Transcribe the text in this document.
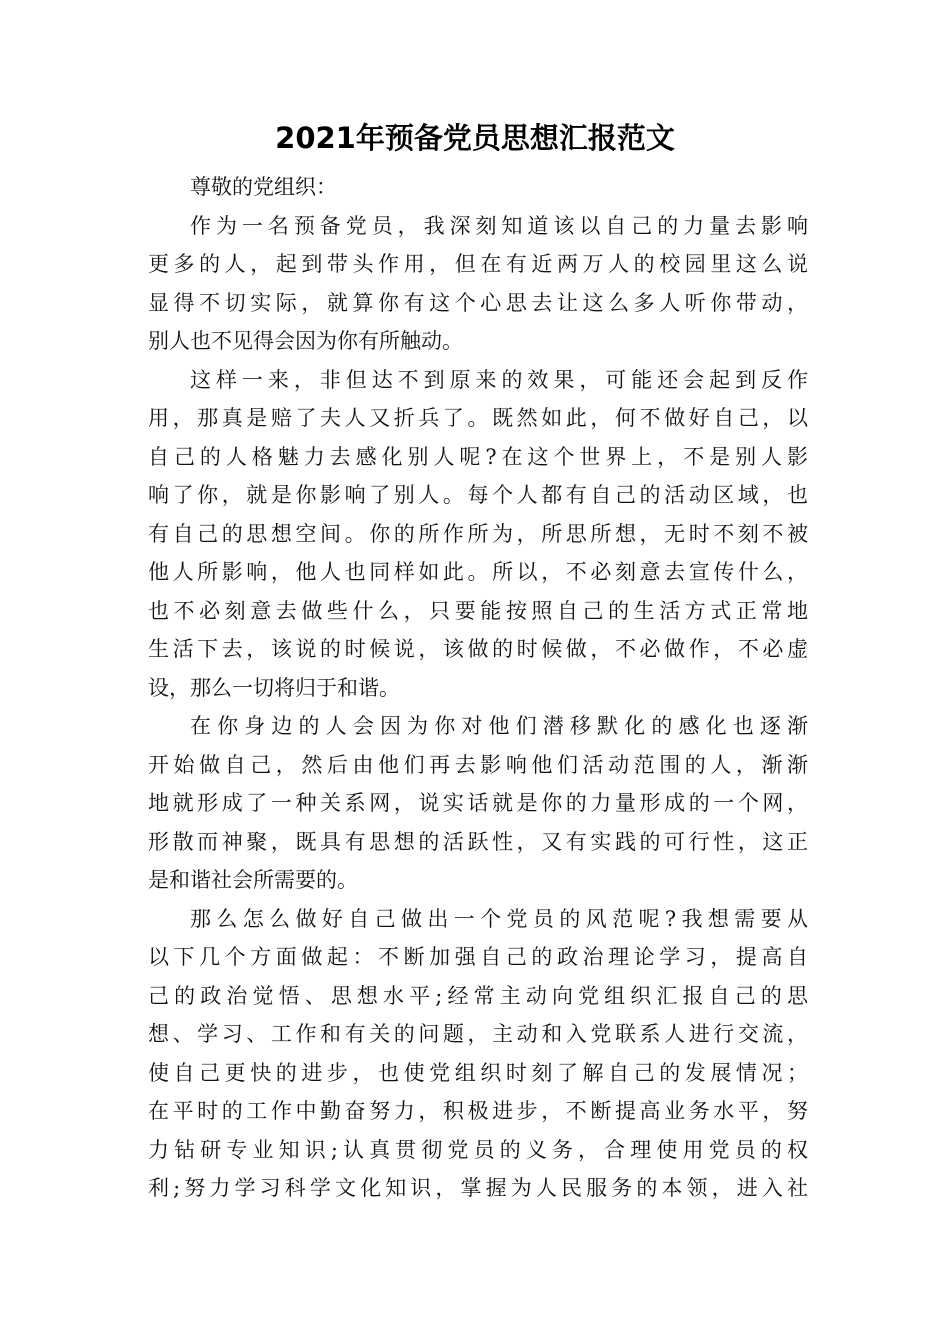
2021年预备党员思想汇报范文

尊敬的党组织：

作为一名预备党员，我深刻知道该以自己的力量去影响
更多的人，起到带头作用，但在有近两万人的校园里这么说
显得不切实际，就算你有这个心思去让这么多人听你带动，
别人也不见得会因为你有所触动。

这样一来，非但达不到原来的效果，可能还会起到反作
用，那真是赔了夫人又折兵了。既然如此，何不做好自己，以
自己的人格魅力去感化别人呢?在这个世界上，不是别人影
响了你，就是你影响了别人。每个人都有自己的活动区域，也
有自己的思想空间。你的所作所为，所思所想，无时不刻不被
他人所影响，他人也同样如此。所以，不必刻意去宣传什么，
也不必刻意去做些什么，只要能按照自己的生活方式正常地
生活下去，该说的时候说，该做的时候做，不必做作，不必虚
设，那么一切将归于和谐。

在你身边的人会因为你对他们潜移默化的感化也逐渐
开始做自己，然后由他们再去影响他们活动范围的人，渐渐
地就形成了一种关系网，说实话就是你的力量形成的一个网，
形散而神聚，既具有思想的活跃性，又有实践的可行性，这正
是和谐社会所需要的。

那么怎么做好自己做出一个党员的风范呢?我想需要从
以下几个方面做起：不断加强自己的政治理论学习，提高自
己的政治觉悟、思想水平;经常主动向党组织汇报自己的思
想、学习、工作和有关的问题，主动和入党联系人进行交流，
使自己更快的进步，也使党组织时刻了解自己的发展情况；
在平时的工作中勤奋努力，积极进步，不断提高业务水平，努
力钻研专业知识;认真贯彻党员的义务，合理使用党员的权
利;努力学习科学文化知识，掌握为人民服务的本领，进入社
